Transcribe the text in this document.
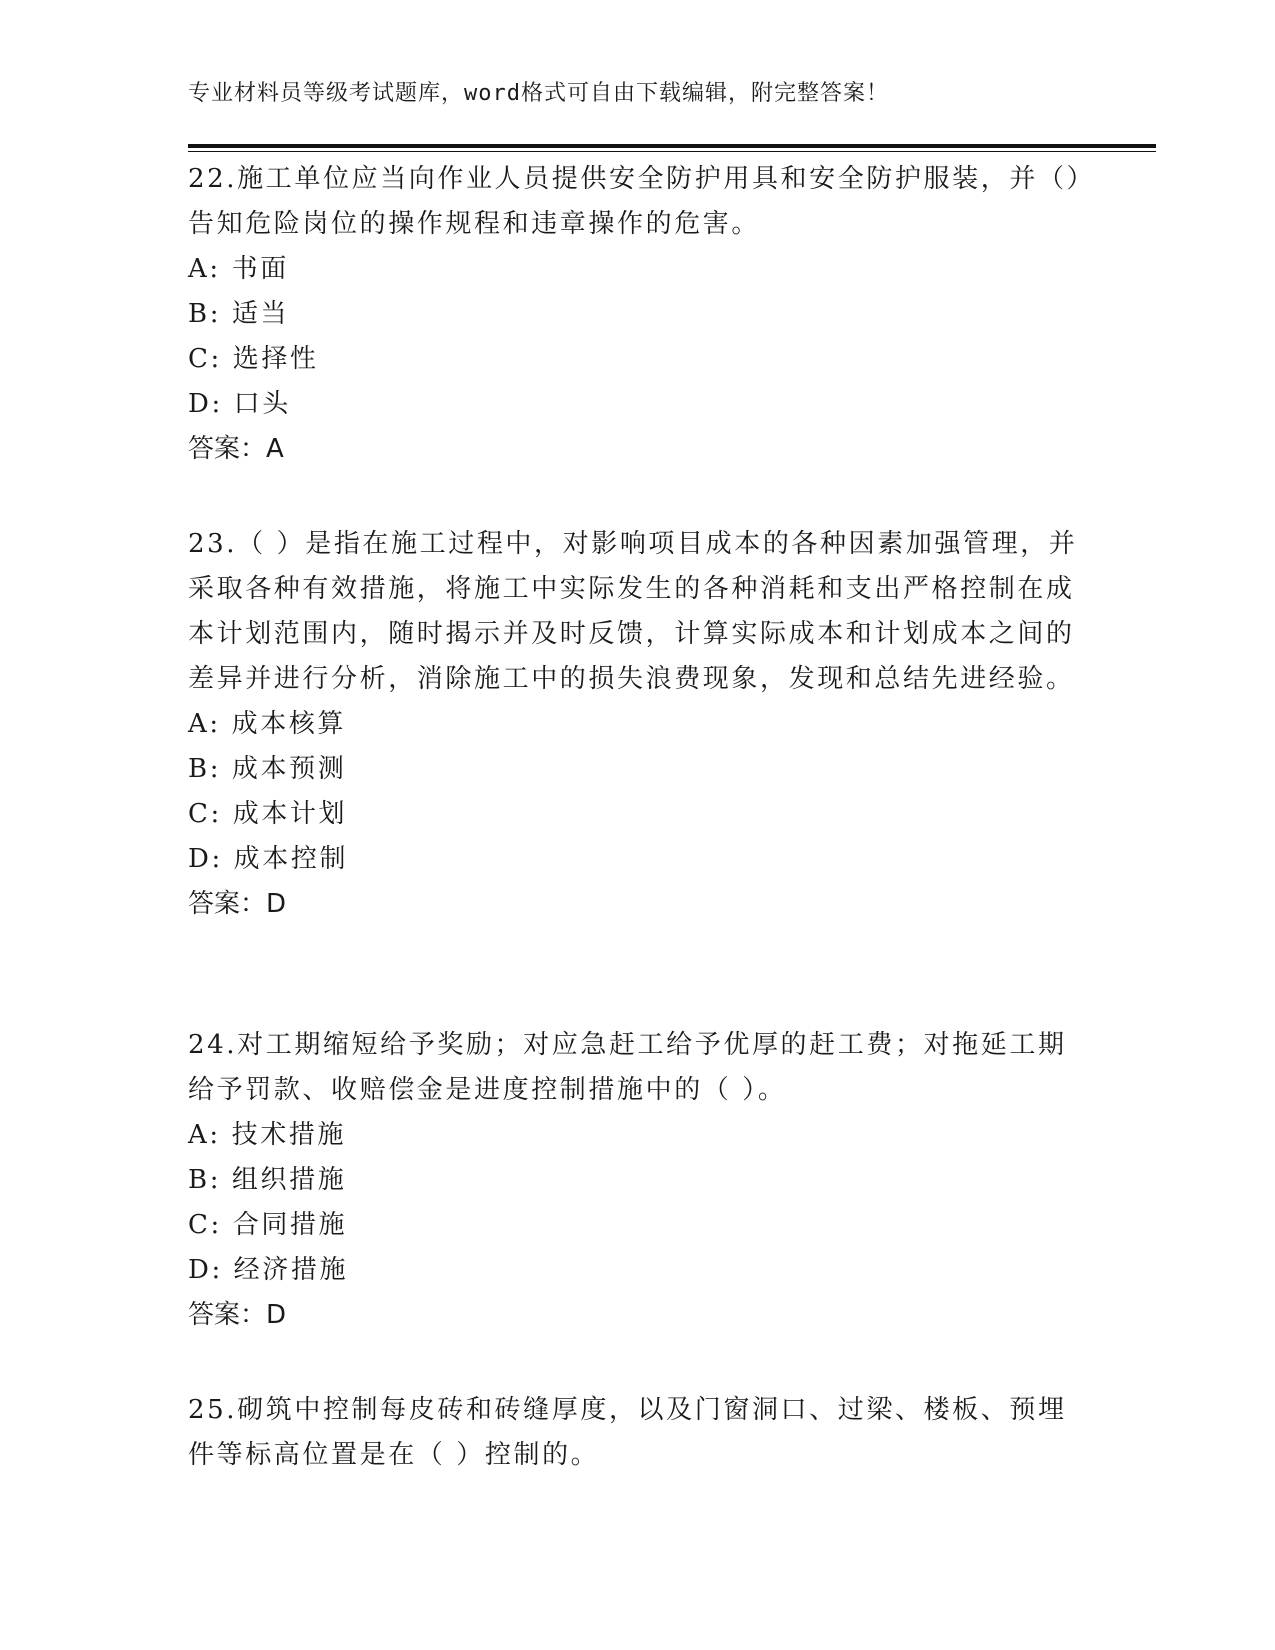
专业材料员等级考试题库，word格式可自由下载编辑，附完整答案！
22.施工单位应当向作业人员提供安全防护用具和安全防护服装，并（）告知危险岗位的操作规程和违章操作的危害。
A: 书面
B: 适当
C: 选择性
D: 口头
答案：A
23.（ ）是指在施工过程中，对影响项目成本的各种因素加强管理，并采取各种有效措施，将施工中实际发生的各种消耗和支出严格控制在成本计划范围内，随时揭示并及时反馈，计算实际成本和计划成本之间的差异并进行分析，消除施工中的损失浪费现象，发现和总结先进经验。
A: 成本核算
B: 成本预测
C: 成本计划
D: 成本控制
答案：D
24.对工期缩短给予奖励；对应急赶工给予优厚的赶工费；对拖延工期给予罚款、收赔偿金是进度控制措施中的（ ）。
A: 技术措施
B: 组织措施
C: 合同措施
D: 经济措施
答案：D
25.砌筑中控制每皮砖和砖缝厚度，以及门窗洞口、过梁、楼板、预埋件等标高位置是在（ ）控制的。
